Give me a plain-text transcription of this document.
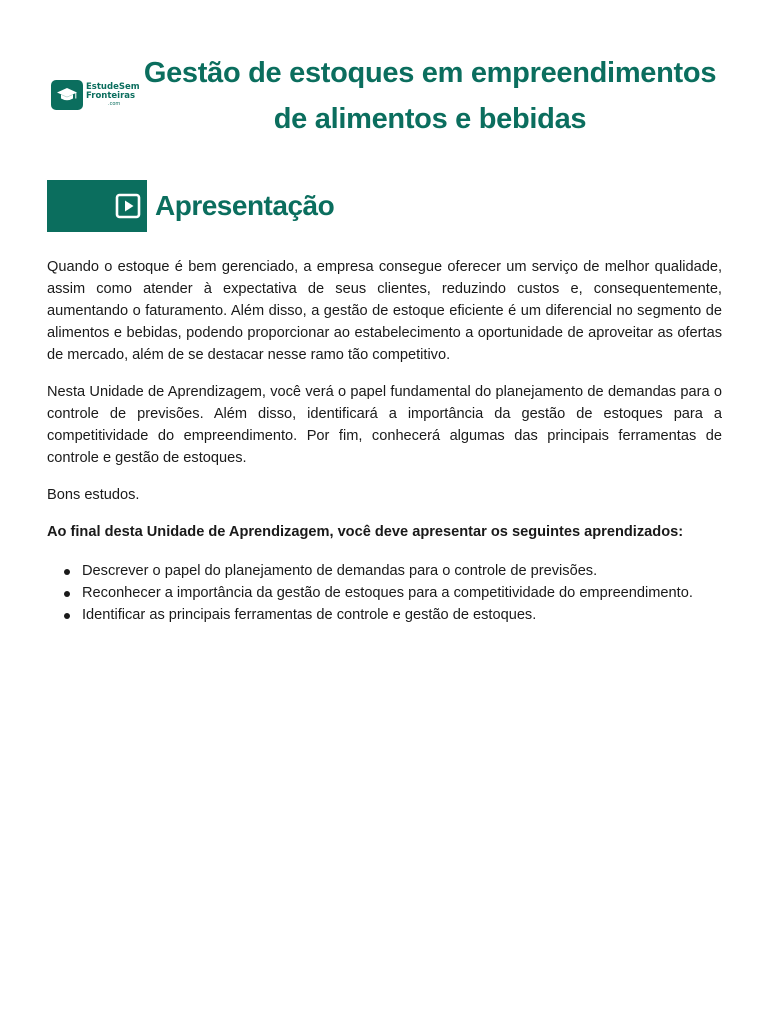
EstudeSem
Fronteiras
.com
Gestão de estoques em empreendimentos
de alimentos e bebidas
Apresentação

Quando o estoque é bem gerenciado, a empresa consegue oferecer um serviço de melhor qualidade, assim como atender à expectativa de seus clientes, reduzindo custos e, consequentemente, aumentando o faturamento. Além disso, a gestão de estoque eficiente é um diferencial no segmento de alimentos e bebidas, podendo proporcionar ao estabelecimento a oportunidade de aproveitar as ofertas de mercado, além de se destacar nesse ramo tão competitivo.

Nesta Unidade de Aprendizagem, você verá o papel fundamental do planejamento de demandas para o controle de previsões. Além disso, identificará a importância da gestão de estoques para a competitividade do empreendimento. Por fim, conhecerá algumas das principais ferramentas de controle e gestão de estoques.

Bons estudos.

Ao final desta Unidade de Aprendizagem, você deve apresentar os seguintes aprendizados:

Descrever o papel do planejamento de demandas para o controle de previsões.
Reconhecer a importância da gestão de estoques para a competitividade do empreendimento.
Identificar as principais ferramentas de controle e gestão de estoques.
